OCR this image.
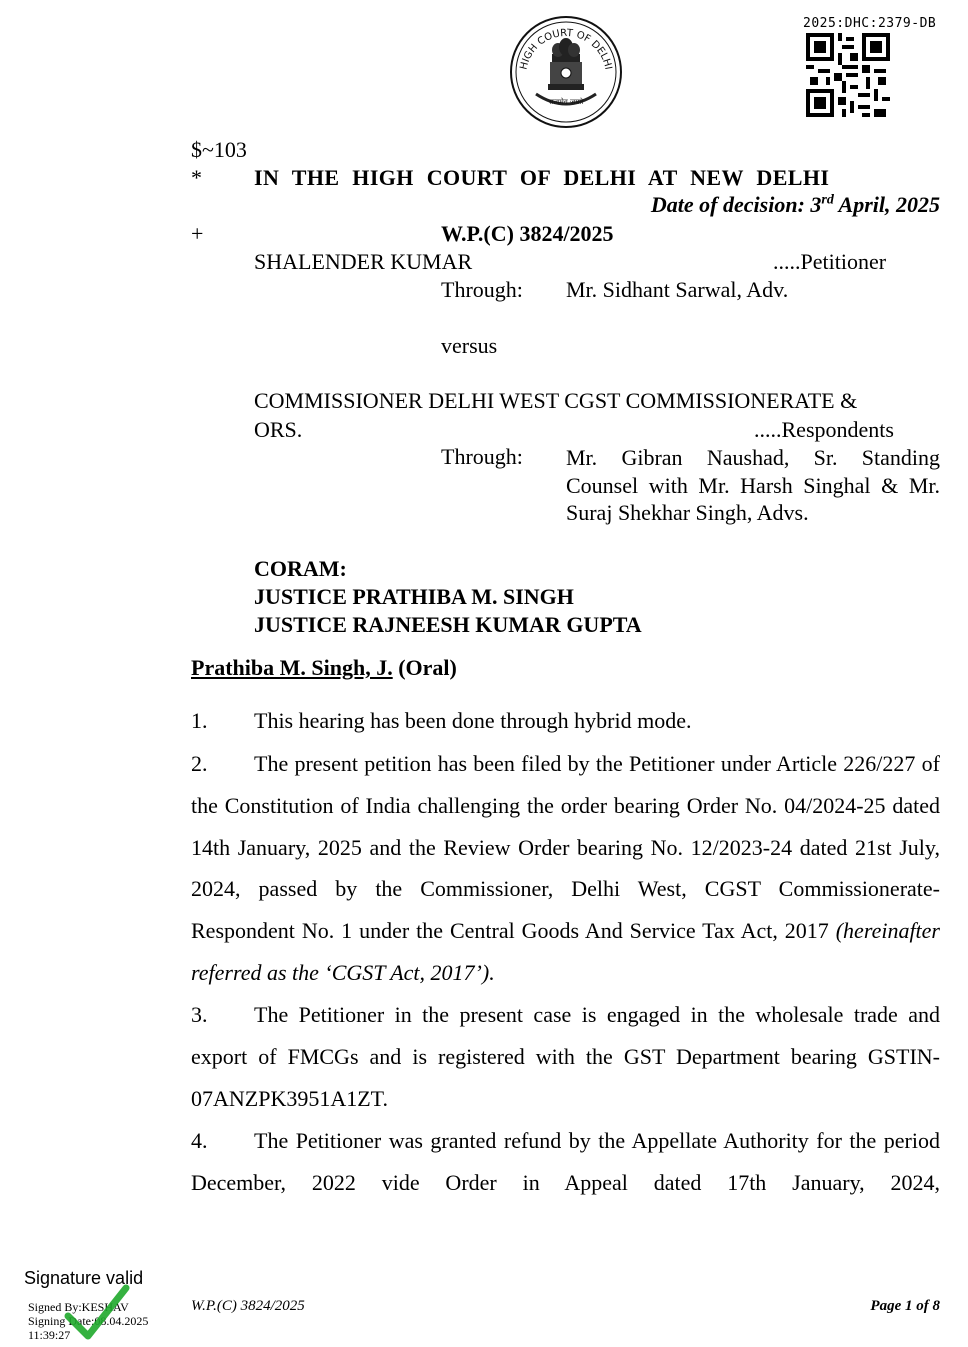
HIGH COURT OF DELHI
सत्यमेव जयते
2025:DHC:2379-DB
$~103
* IN THE HIGH COURT OF DELHI AT NEW DELHI
Date of decision: 3rd April, 2025
+	W.P.(C) 3824/2025
SHALENDER KUMAR	.....Petitioner
Through: Mr. Sidhant Sarwal, Adv.
versus
COMMISSIONER DELHI WEST CGST COMMISSIONERATE &
ORS.	.....Respondents
Through: Mr. Gibran Naushad, Sr. Standing Counsel with Mr. Harsh Singhal & Mr. Suraj Shekhar Singh, Advs.
CORAM:
JUSTICE PRATHIBA M. SINGH
JUSTICE RAJNEESH KUMAR GUPTA
Prathiba M. Singh, J. (Oral)
1. This hearing has been done through hybrid mode.
2. The present petition has been filed by the Petitioner under Article 226/227 of the Constitution of India challenging the order bearing Order No. 04/2024-25 dated 14th January, 2025 and the Review Order bearing No. 12/2023-24 dated 21st July, 2024, passed by the Commissioner, Delhi West, CGST Commissionerate- Respondent No. 1 under the Central Goods And Service Tax Act, 2017 (hereinafter referred as the ‘CGST Act, 2017’).
3. The Petitioner in the present case is engaged in the wholesale trade and export of FMCGs and is registered with the GST Department bearing GSTIN-07ANZPK3951A1ZT.
4. The Petitioner was granted refund by the Appellate Authority for the period December, 2022 vide Order in Appeal dated 17th January, 2024,
W.P.(C) 3824/2025	Page 1 of 8
Signature valid
Signed By:KESHAV
Signing Date:08.04.2025
11:39:27
